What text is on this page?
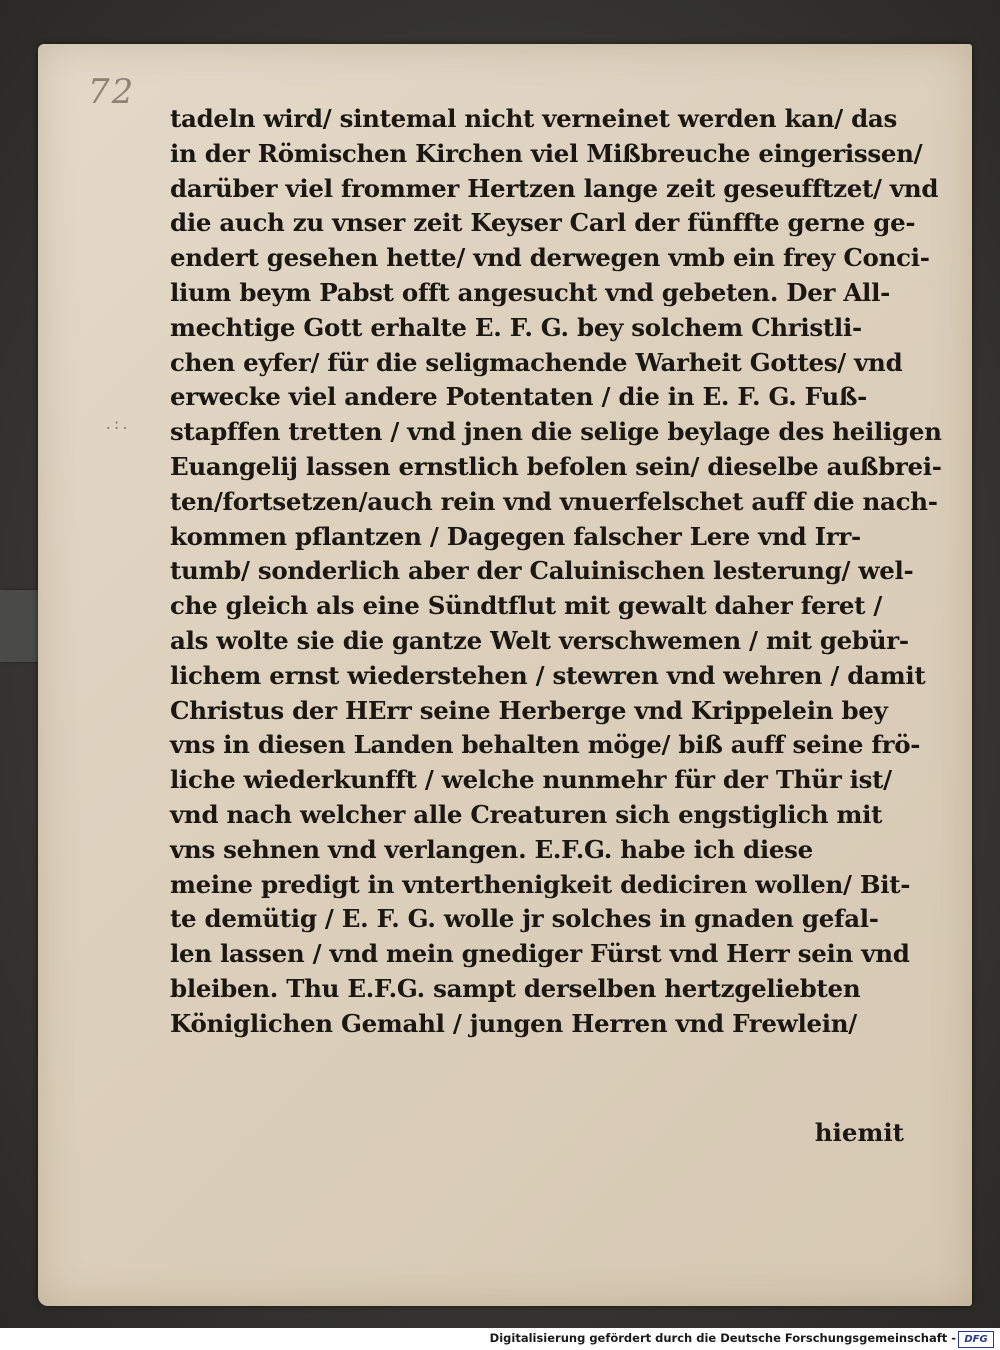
72
.:.
tadeln wird/ sintemal nicht verneinet werden kan/ das
in der Römischen Kirchen viel Mißbreuche eingerissen/
darüber viel frommer Hertzen lange zeit geseufftzet/ vnd
die auch zu vnser zeit Keyser Carl der fünffte gerne ge-
endert gesehen hette/ vnd derwegen vmb ein frey Conci-
lium beym Pabst offt angesucht vnd gebeten. Der All-
mechtige Gott erhalte E. F. G. bey solchem Christli-
chen eyfer/ für die seligmachende Warheit Gottes/ vnd
erwecke viel andere Potentaten / die in E. F. G. Fuß-
stapffen tretten / vnd jnen die selige beylage des heiligen
Euangelij lassen ernstlich befolen sein/ dieselbe außbrei-
ten/fortsetzen/auch rein vnd vnuerfelschet auff die nach-
kommen pflantzen / Dagegen falscher Lere vnd Irr-
tumb/ sonderlich aber der Caluinischen lesterung/ wel-
che gleich als eine Sündtflut mit gewalt daher feret /
als wolte sie die gantze Welt verschwemen / mit gebür-
lichem ernst wiederstehen / stewren vnd wehren / damit
Christus der HErr seine Herberge vnd Krippelein bey
vns in diesen Landen behalten möge/ biß auff seine frö-
liche wiederkunfft / welche nunmehr für der Thür ist/
vnd nach welcher alle Creaturen sich engstiglich mit
vns sehnen vnd verlangen. E.F.G. habe ich diese
meine predigt in vnterthenigkeit dediciren wollen/ Bit-
te demütig / E. F. G. wolle jr solches in gnaden gefal-
len lassen / vnd mein gnediger Fürst vnd Herr sein vnd
bleiben. Thu E.F.G. sampt derselben hertzgeliebten
Königlichen Gemahl / jungen Herren vnd Frewlein/
hiemit
Digitalisierung gefördert durch die Deutsche Forschungsgemeinschaft - DFG
